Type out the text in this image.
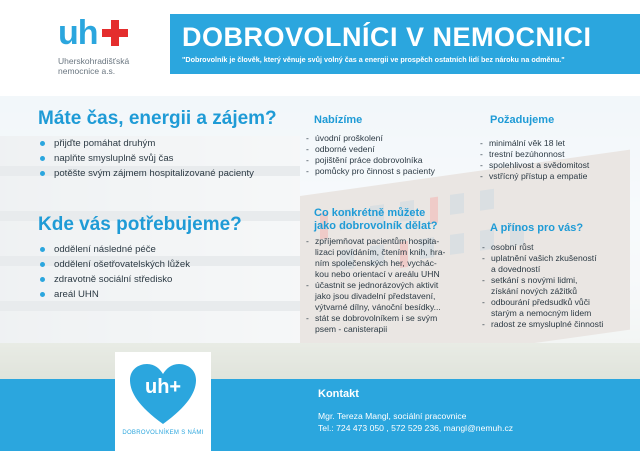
uh
Uherskohradišťská
nemocnice a.s.
DOBROVOLNÍCI V NEMOCNICI
"Dobrovolník je člověk, který věnuje svůj volný čas a energii ve prospěch ostatních lidí bez nároku na odměnu."
Máte čas, energii a zájem?
přijďte pomáhat druhým
naplňte smysluplně svůj čas
potěšte svým zájmem hospitalizované pacienty
Kde vás potřebujeme?
oddělení následné péče
oddělení ošetřovatelských lůžek
zdravotně sociální středisko
areál UHN
Nabízíme
- úvodní proškolení
- odborné vedení
- pojištění práce dobrovolníka
- pomůcky pro činnost s pacienty
Požadujeme
- minimální věk 18 let
- trestní bezúhonnost
- spolehlivost a svědomitost
- vstřícný přístup a empatie
Co konkrétně můžete
jako dobrovolník dělat?
- zpříjemňovat pacientům hospita-
lizaci povídáním, čtením knih, hra-
ním společenských her, vychác-
kou nebo orientací v areálu UHN
- účastnit se jednorázových aktivit
jako jsou divadelní představení,
výtvarné dílny, vánoční besídky...
- stát se dobrovolníkem i se svým
psem - canisterapii
A přínos pro vás?
- osobní růst
- uplatnění vašich zkušeností
a dovedností
- setkání s novými lidmi,
získání nových zážitků
- odbourání předsudků vůči
starým a nemocným lidem
- radost ze smysluplné činnosti
Kontakt
Mgr. Tereza Mangl, sociální pracovnice
Tel.: 724 473 050 , 572 529 236, mangl@nemuh.cz
uh+
DOBROVOLNÍKEM S NÁMI
